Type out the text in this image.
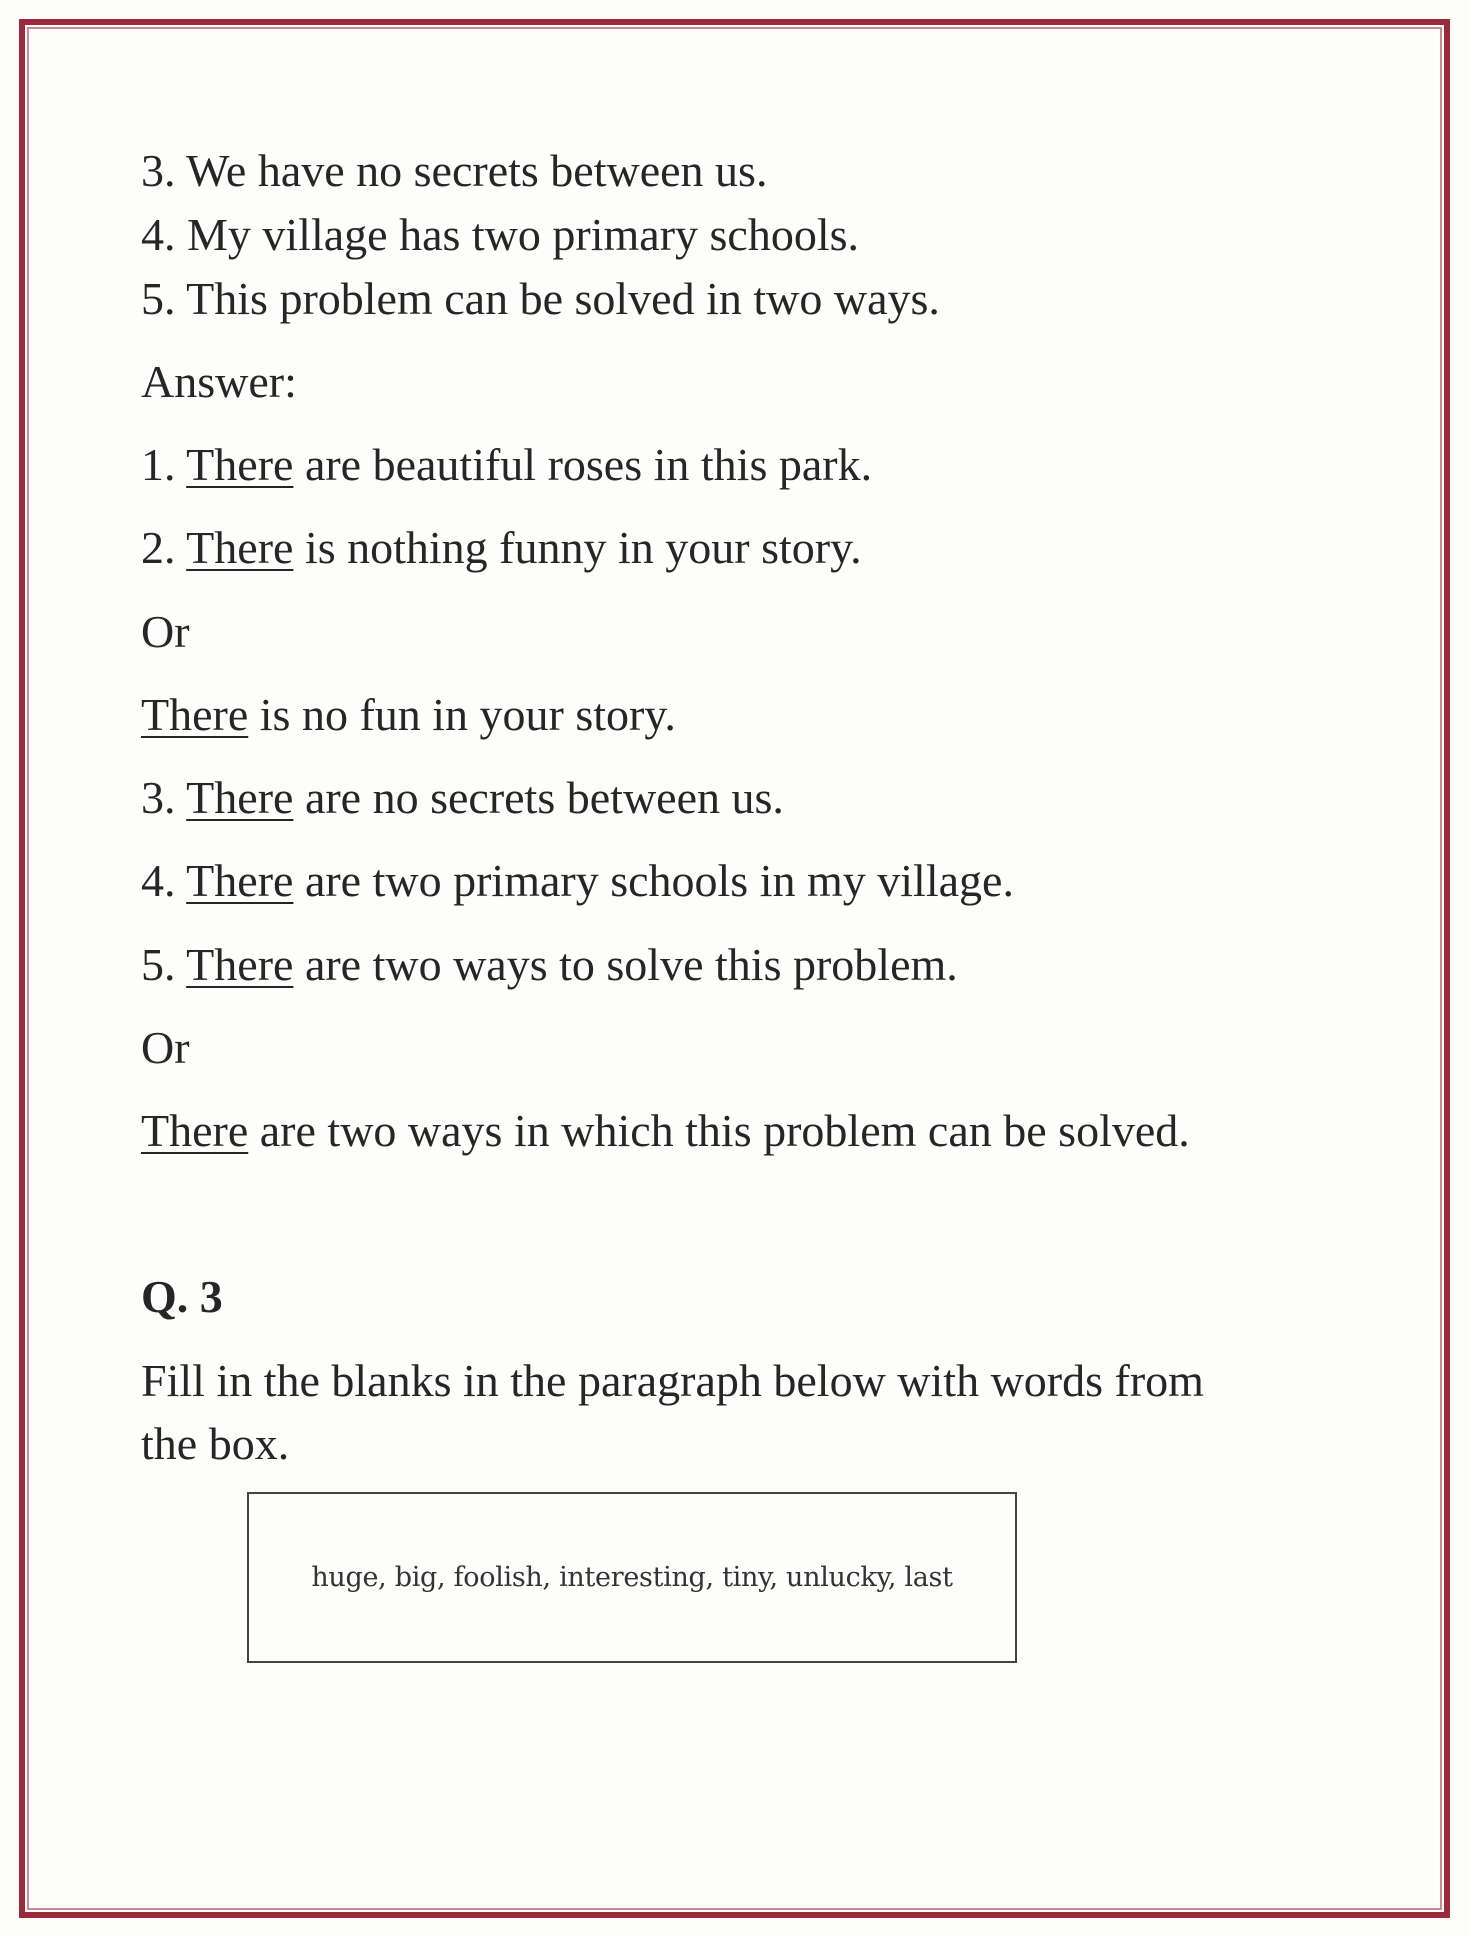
3. We have no secrets between us.
4. My village has two primary schools.
5. This problem can be solved in two ways.
Answer:
1. There are beautiful roses in this park.
2. There is nothing funny in your story.
Or
There is no fun in your story.
3. There are no secrets between us.
4. There are two primary schools in my village.
5. There are two ways to solve this problem.
Or
There are two ways in which this problem can be solved.
Q. 3
Fill in the blanks in the paragraph below with words from
the box.
huge, big, foolish, interesting, tiny, unlucky, last
